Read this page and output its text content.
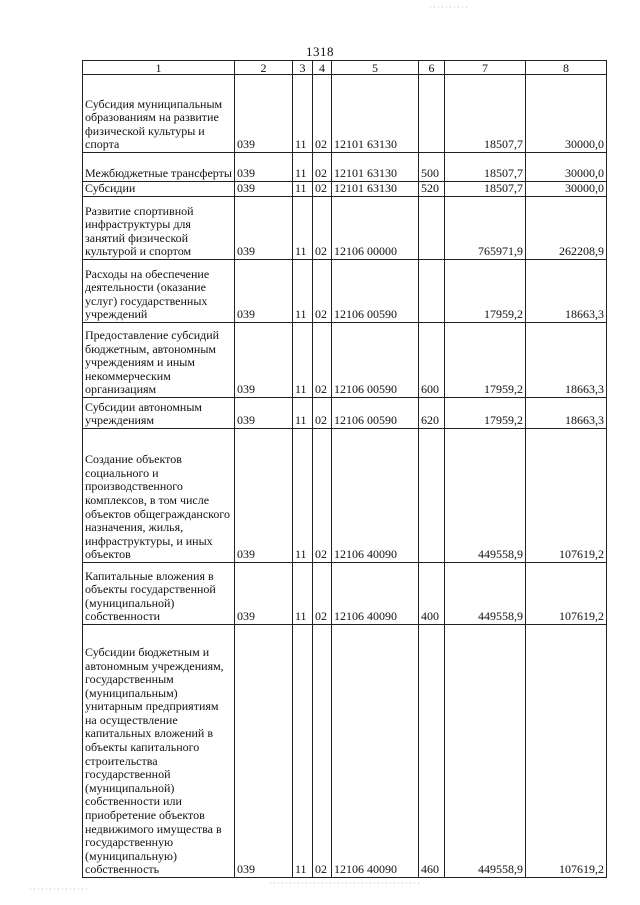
1318
1	2	3	4	5	6	7	8
Субсидия муниципальным образованиям на развитие физической культуры и спорта	039	11	02	12101 63130		18507,7	30000,0
Межбюджетные трансферты	039	11	02	12101 63130	500	18507,7	30000,0
Субсидии	039	11	02	12101 63130	520	18507,7	30000,0
Развитие спортивной инфраструктуры для занятий физической культурой и спортом	039	11	02	12106 00000		765971,9	262208,9
Расходы на обеспечение деятельности (оказание услуг) государственных учреждений	039	11	02	12106 00590		17959,2	18663,3
Предоставление субсидий бюджетным, автономным учреждениям и иным некоммерческим организациям	039	11	02	12106 00590	600	17959,2	18663,3
Субсидии автономным учреждениям	039	11	02	12106 00590	620	17959,2	18663,3
Создание объектов социального и производственного комплексов, в том числе объектов общегражданского назначения, жилья, инфраструктуры, и иных объектов	039	11	02	12106 40090		449558,9	107619,2
Капитальные вложения в объекты государственной (муниципальной) собственности	039	11	02	12106 40090	400	449558,9	107619,2
Субсидии бюджетным и автономным учреждениям, государственным (муниципальным) унитарным предприятиям на осуществление капитальных вложений в объекты капитального строительства государственной (муниципальной) собственности или приобретение объектов недвижимого имущества в государственную (муниципальную) собственность	039	11	02	12106 40090	460	449558,9	107619,2
